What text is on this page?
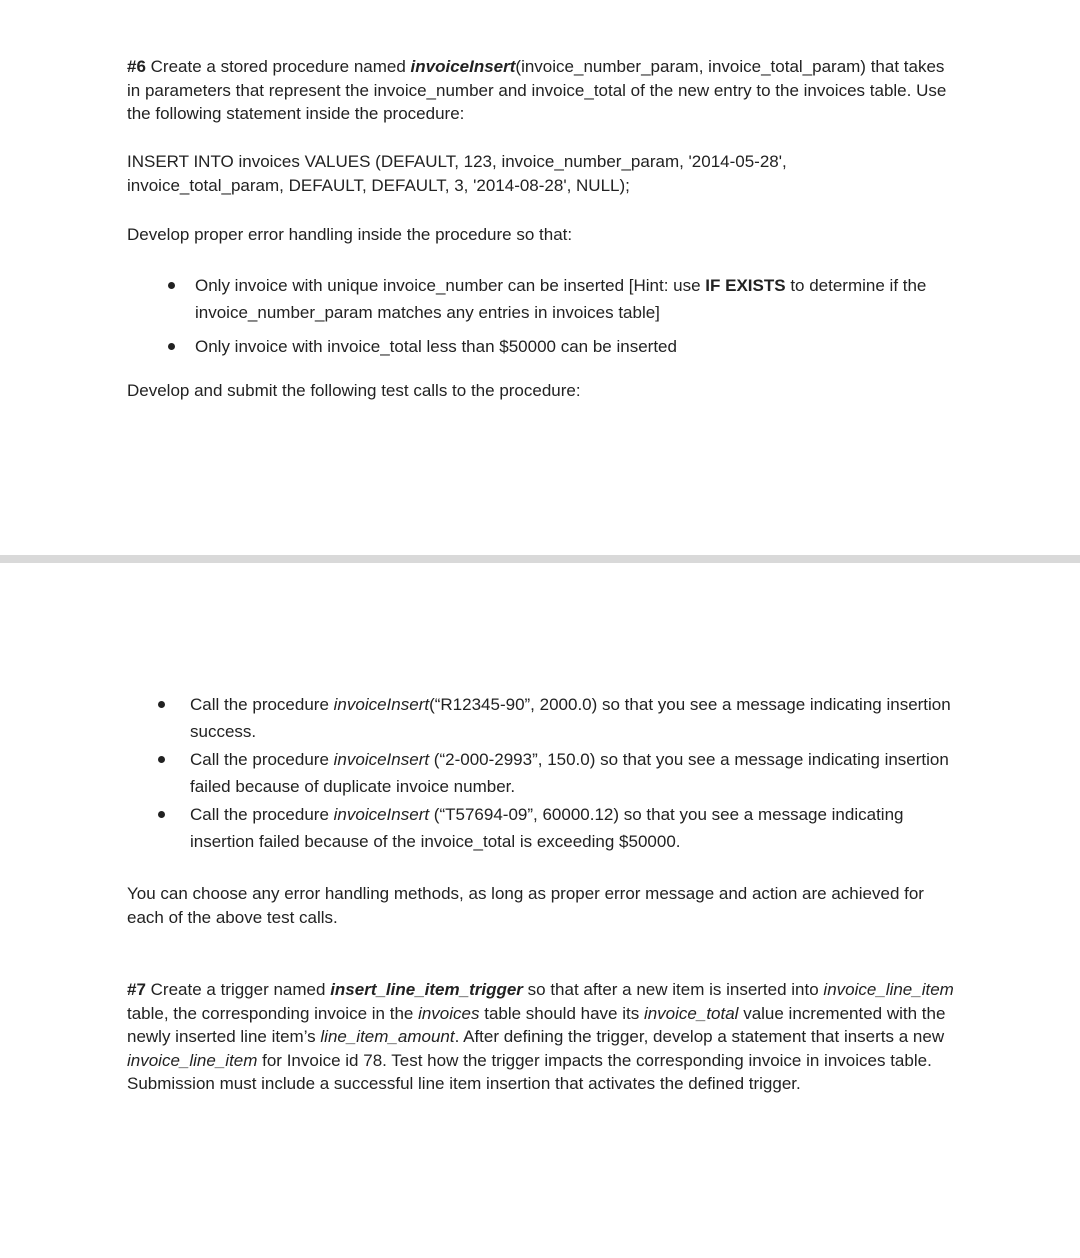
#6 Create a stored procedure named invoiceInsert(invoice_number_param, invoice_total_param) that takes in parameters that represent the invoice_number and invoice_total of the new entry to the invoices table. Use the following statement inside the procedure:

INSERT INTO invoices VALUES (DEFAULT, 123, invoice_number_param, '2014-05-28',

invoice_total_param, DEFAULT, DEFAULT, 3, '2014-08-28', NULL);

Develop proper error handling inside the procedure so that:

Only invoice with unique invoice_number can be inserted [Hint: use IF EXISTS to determine if the invoice_number_param matches any entries in invoices table]
Only invoice with invoice_total less than $50000 can be inserted

Develop and submit the following test calls to the procedure:

Call the procedure invoiceInsert(“R12345-90”, 2000.0) so that you see a message indicating insertion success.
Call the procedure invoiceInsert (“2-000-2993”, 150.0) so that you see a message indicating insertion failed because of duplicate invoice number.
Call the procedure invoiceInsert (“T57694-09”, 60000.12) so that you see a message indicating insertion failed because of the invoice_total is exceeding $50000.

You can choose any error handling methods, as long as proper error message and action are achieved for each of the above test calls.

#7 Create a trigger named insert_line_item_trigger so that after a new item is inserted into invoice_line_item table, the corresponding invoice in the invoices table should have its invoice_total value incremented with the newly inserted line item’s line_item_amount. After defining the trigger, develop a statement that inserts a new invoice_line_item for Invoice id 78. Test how the trigger impacts the corresponding invoice in invoices table. Submission must include a successful line item insertion that activates the defined trigger.
